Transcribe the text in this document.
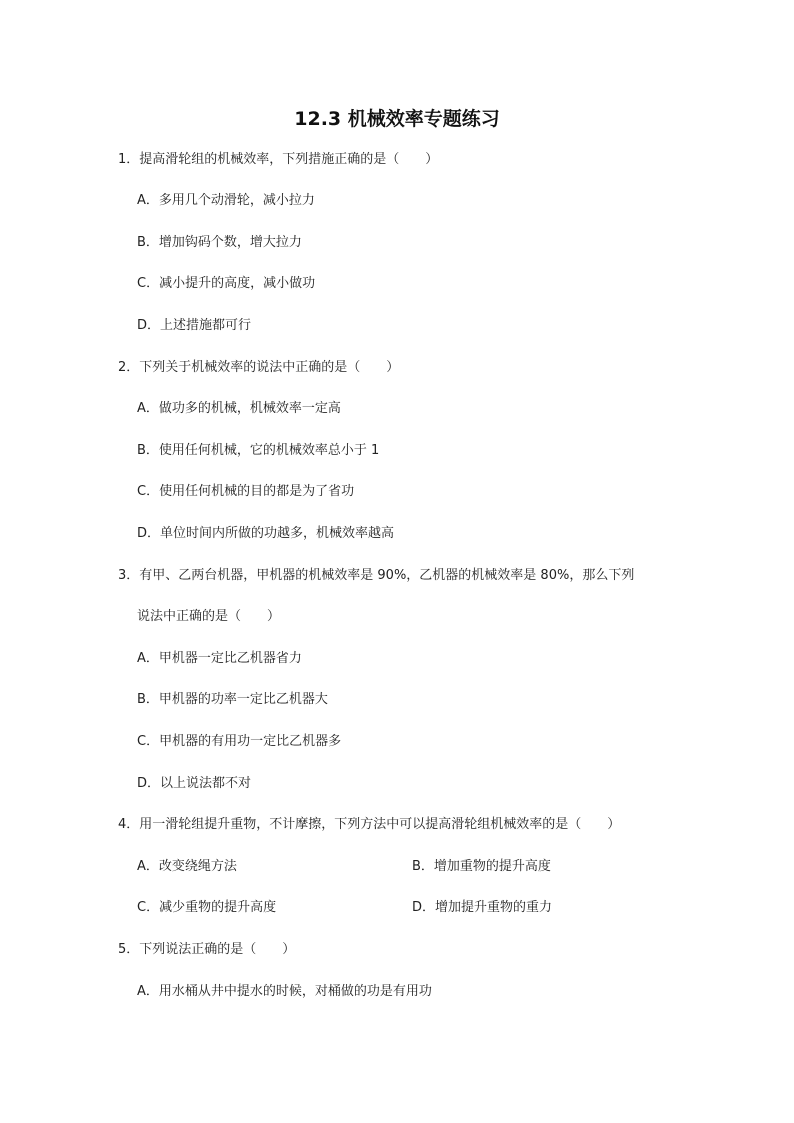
12.3 机械效率专题练习
1．提高滑轮组的机械效率，下列措施正确的是（　　）
A．多用几个动滑轮，减小拉力
B．增加钩码个数，增大拉力
C．减小提升的高度，减小做功
D．上述措施都可行
2．下列关于机械效率的说法中正确的是（　　）
A．做功多的机械，机械效率一定高
B．使用任何机械，它的机械效率总小于 1
C．使用任何机械的目的都是为了省功
D．单位时间内所做的功越多，机械效率越高
3．有甲、乙两台机器，甲机器的机械效率是 90%，乙机器的机械效率是 80%，那么下列
说法中正确的是（　　）
A．甲机器一定比乙机器省力
B．甲机器的功率一定比乙机器大
C．甲机器的有用功一定比乙机器多
D．以上说法都不对
4．用一滑轮组提升重物，不计摩擦，下列方法中可以提高滑轮组机械效率的是（　　）
A．改变绕绳方法	B．增加重物的提升高度
C．减少重物的提升高度	D．增加提升重物的重力
5．下列说法正确的是（　　）
A．用水桶从井中提水的时候，对桶做的功是有用功
